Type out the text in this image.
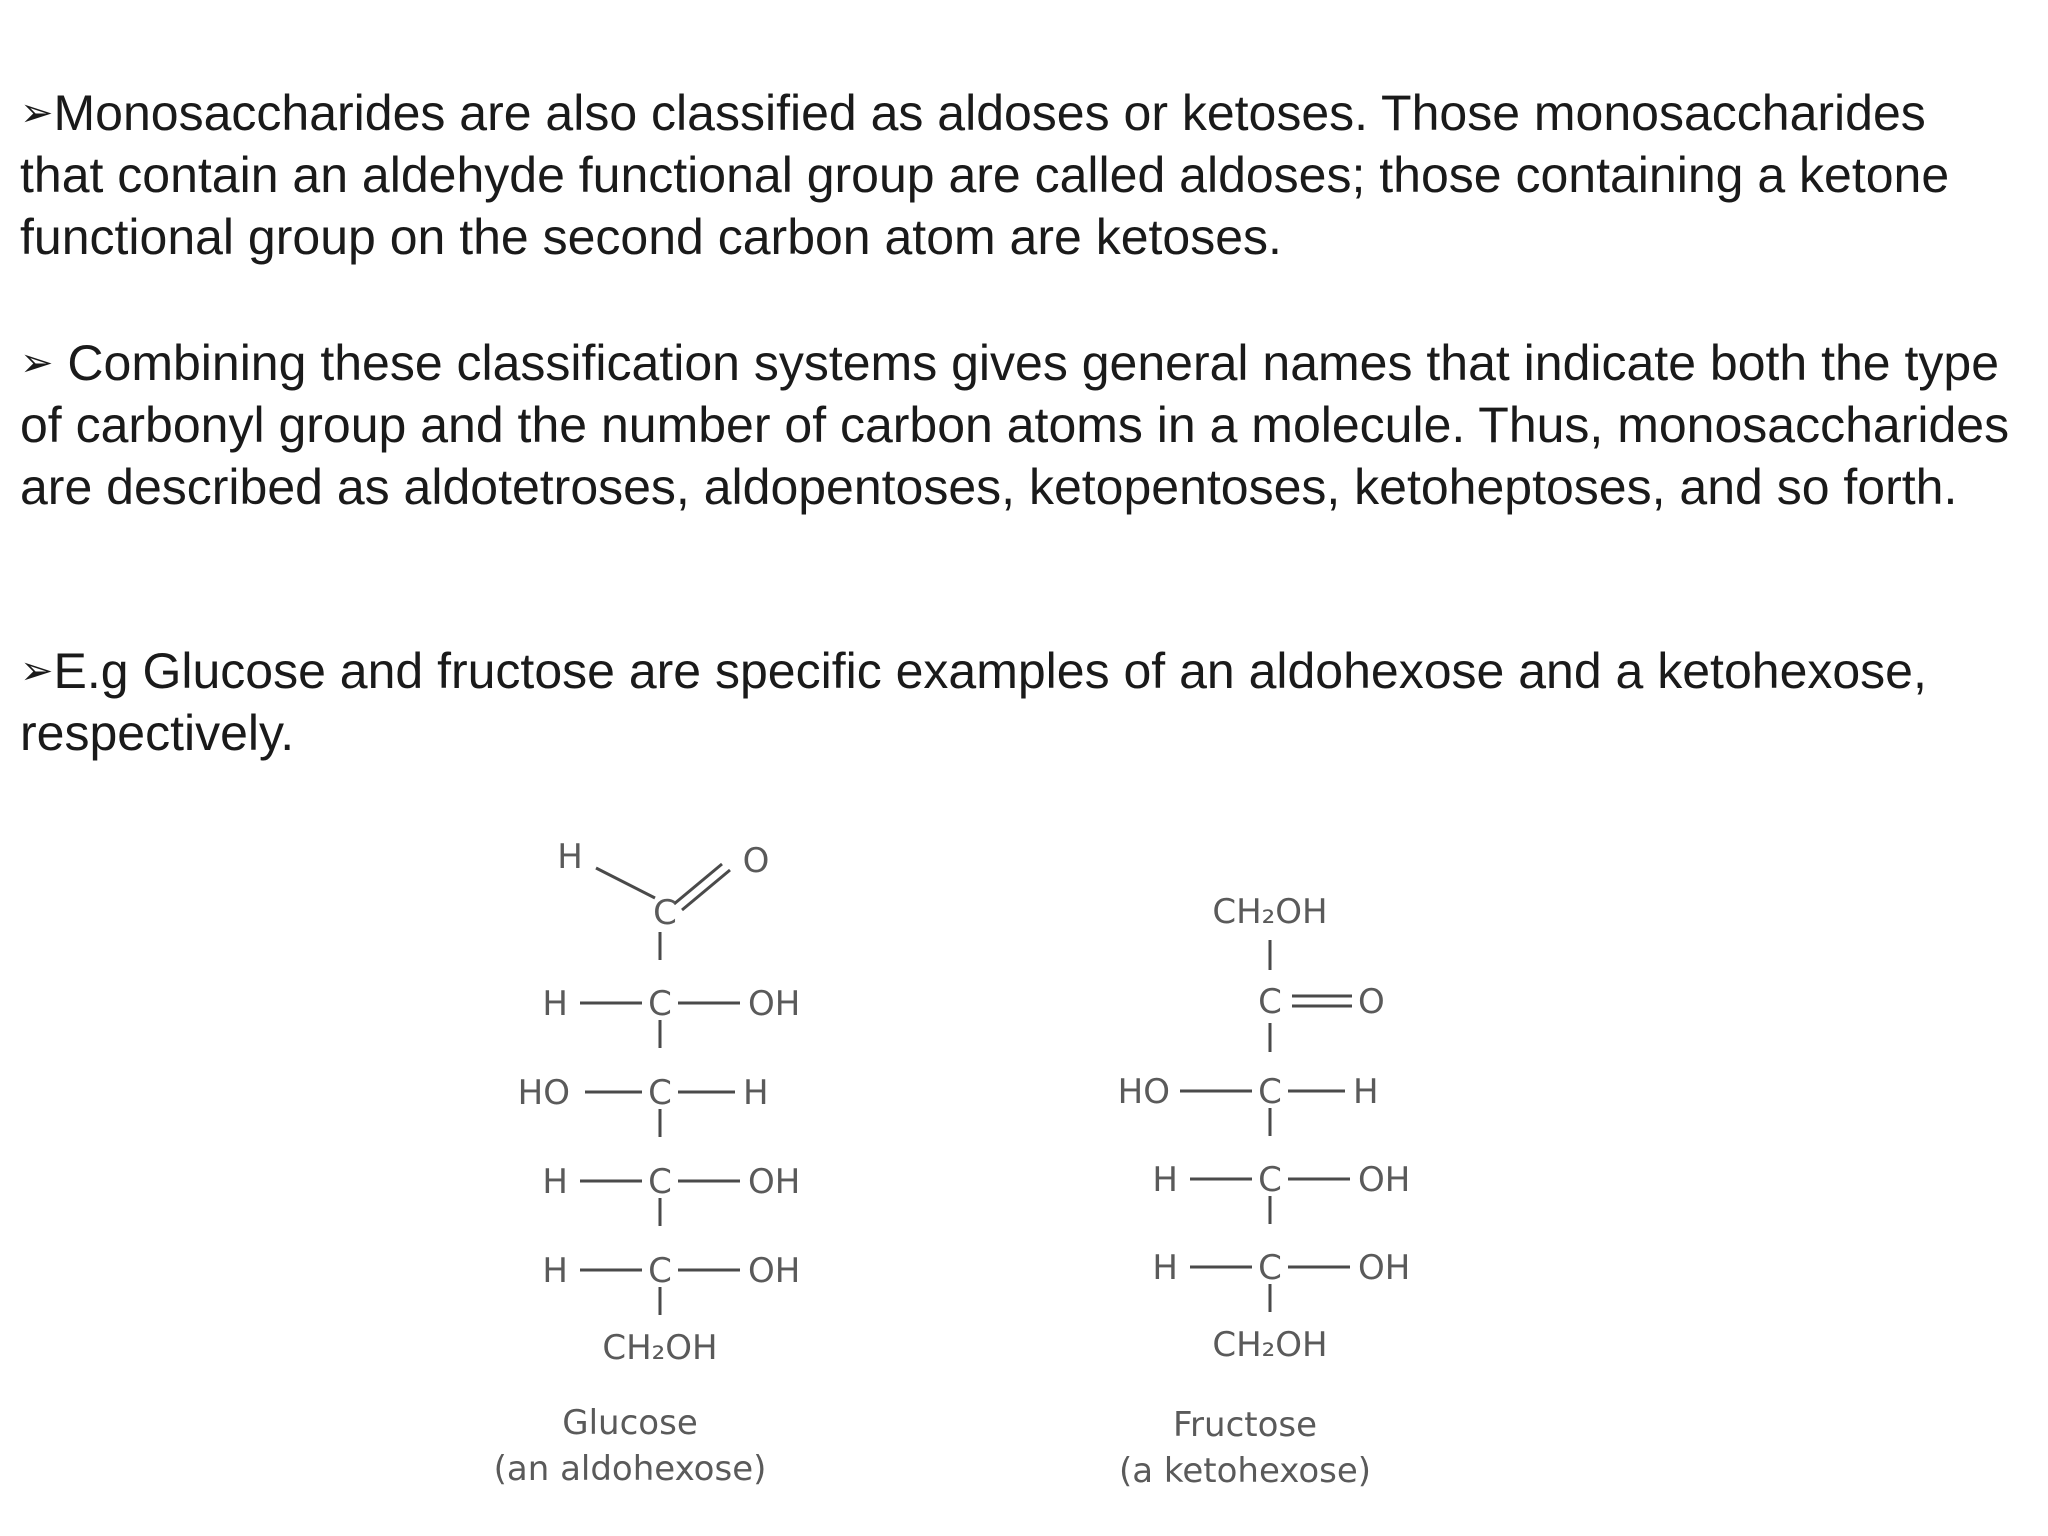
➢Monosaccharides are also classified as aldoses or ketoses. Those monosaccharides that contain an aldehyde functional group are called aldoses; those containing a ketone functional group on the second carbon atom are ketoses.

➢ Combining these classification systems gives general names that indicate both the type of carbonyl group and the number of carbon atoms in a molecule. Thus, monosaccharides are described as aldotetroses, aldopentoses, ketopentoses, ketoheptoses, and so forth.

➢E.g Glucose and fructose are specific examples of an aldohexose and a ketohexose, respectively.

H	O
C
H C OH
HO C H
H C OH
H C OH
CH₂OH
Glucose
(an aldohexose)
CH₂OH
C O
HO	C H
H C OH
H C OH
CH₂OH
Fructose
(a ketohexose)
